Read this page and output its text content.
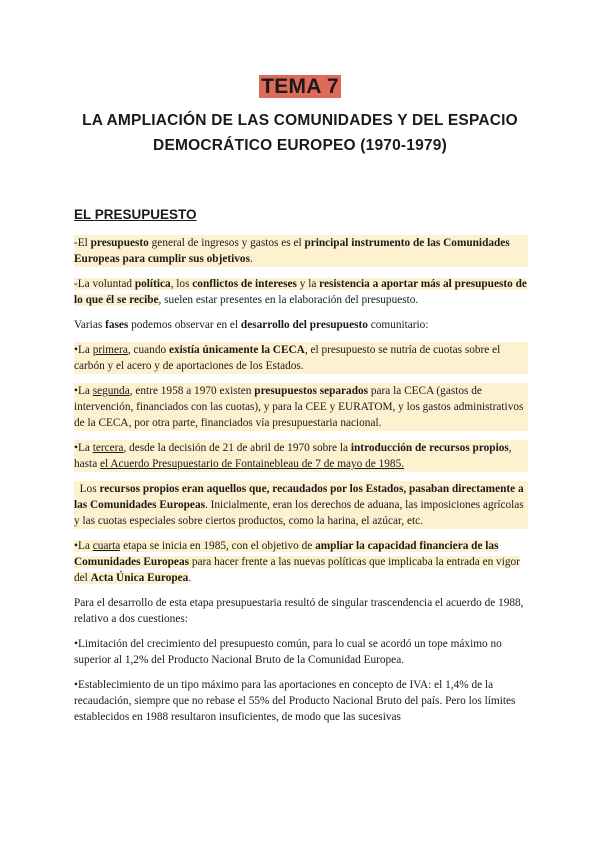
TEMA 7
LA AMPLIACIÓN DE LAS COMUNIDADES Y DEL ESPACIO DEMOCRÁTICO EUROPEO (1970-1979)
EL PRESUPUESTO

-El presupuesto general de ingresos y gastos es el principal instrumento de las Comunidades Europeas para cumplir sus objetivos.

-La voluntad política, los conflictos de intereses y la resistencia a aportar más al presupuesto de lo que él se recibe, suelen estar presentes en la elaboración del presupuesto.

Varias fases podemos observar en el desarrollo del presupuesto comunitario:

•La primera, cuando existía únicamente la CECA, el presupuesto se nutría de cuotas sobre el carbón y el acero y de aportaciones de los Estados.

•La segunda, entre 1958 a 1970 existen presupuestos separados para la CECA (gastos de intervención, financiados con las cuotas), y para la CEE y EURATOM, y los gastos administrativos de la CECA, por otra parte, financiados vía presupuestaria nacional.

•La tercera, desde la decisión de 21 de abril de 1970 sobre la introducción de recursos propios, hasta el Acuerdo Presupuestario de Fontainebleau de 7 de mayo de 1985.

Los recursos propios eran aquellos que, recaudados por los Estados, pasaban directamente a las Comunidades Europeas. Inicialmente, eran los derechos de aduana, las imposiciones agrícolas y las cuotas especiales sobre ciertos productos, como la harina, el azúcar, etc.

•La cuarta etapa se inicia en 1985, con el objetivo de ampliar la capacidad financiera de las Comunidades Europeas para hacer frente a las nuevas políticas que implicaba la entrada en vigor del Acta Única Europea.

Para el desarrollo de esta etapa presupuestaria resultó de singular trascendencia el acuerdo de 1988, relativo a dos cuestiones:

•Limitación del crecimiento del presupuesto común, para lo cual se acordó un tope máximo no superior al 1,2% del Producto Nacional Bruto de la Comunidad Europea.

•Establecimiento de un tipo máximo para las aportaciones en concepto de IVA: el 1,4% de la recaudación, siempre que no rebase el 55% del Producto Nacional Bruto del país. Pero los límites establecidos en 1988 resultaron insuficientes, de modo que las sucesivas
